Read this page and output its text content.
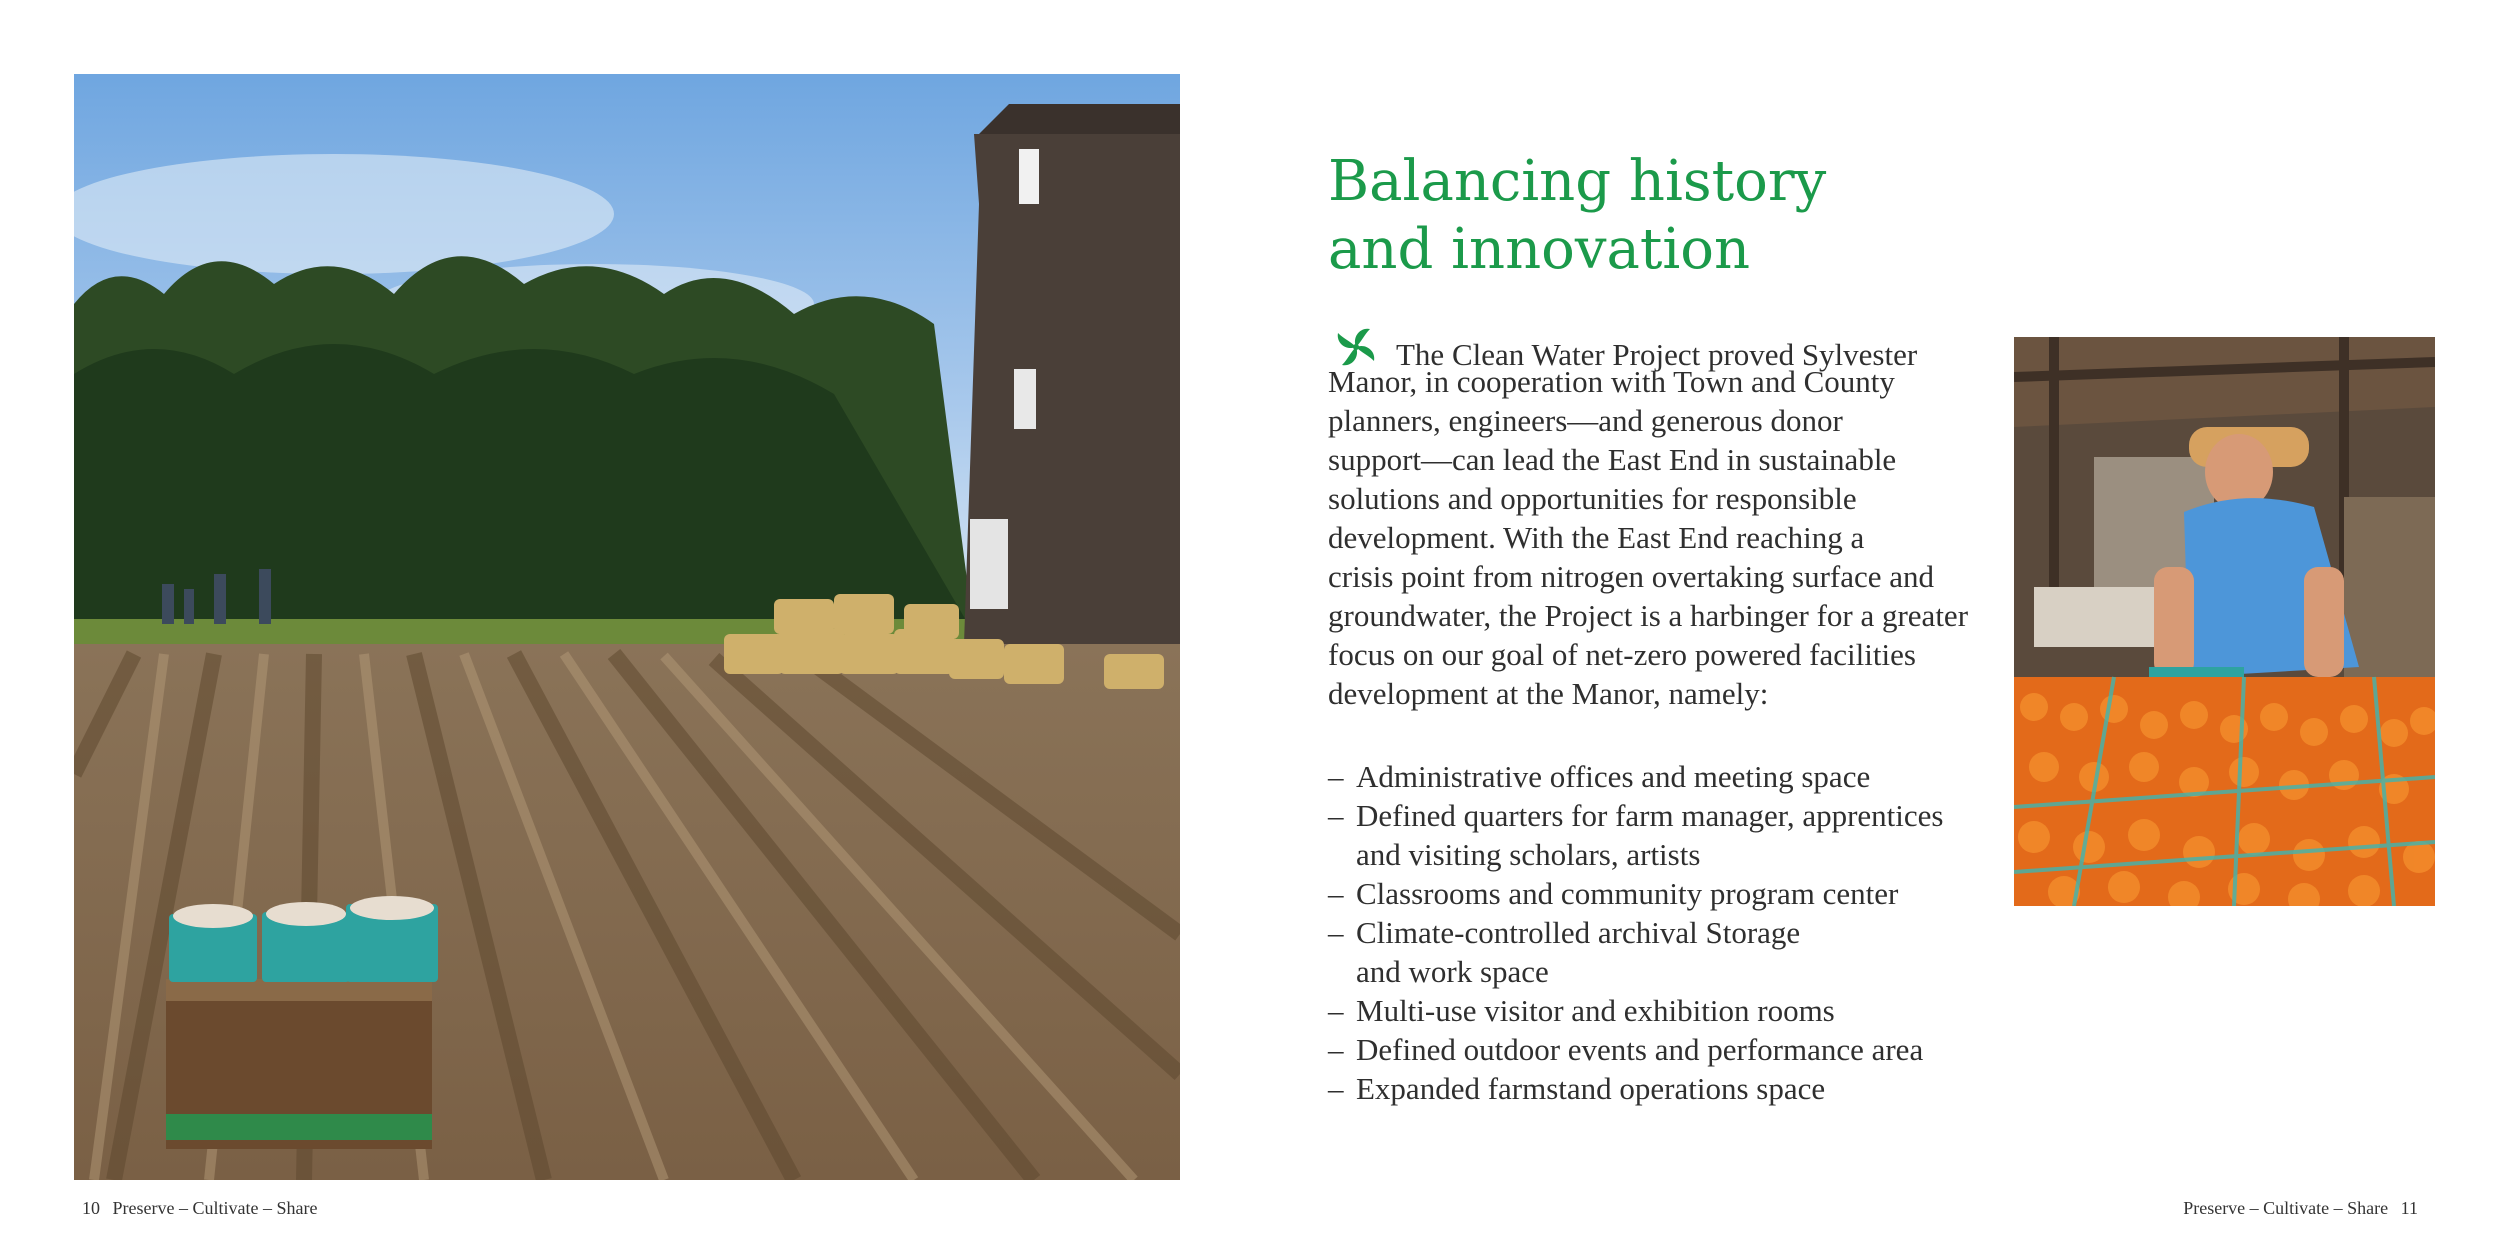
Balancing history
and innovation
The Clean Water Project proved Sylvester
Manor, in cooperation with Town and County
planners, engineers—and generous donor
support—can lead the East End in sustainable
solutions and opportunities for responsible
development. With the East End reaching a
crisis point from nitrogen overtaking surface and
groundwater, the Project is a harbinger for a greater
focus on our goal of net-zero powered facilities
development at the Manor, namely:
– Administrative offices and meeting space
– Defined quarters for farm manager, apprentices
and visiting scholars, artists
– Classrooms and community program center
– Climate-controlled archival Storage
and work space
– Multi-use visitor and exhibition rooms
– Defined outdoor events and performance area
– Expanded farmstand operations space
10 Preserve – Cultivate – Share	Preserve – Cultivate – Share 11
